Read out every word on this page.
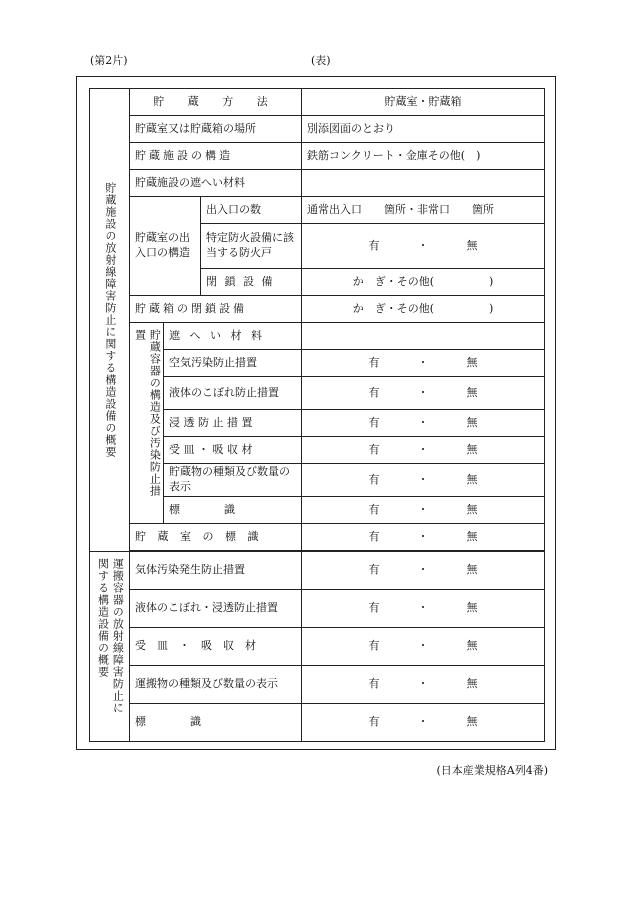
(第2片)	(表)
貯蔵施設の放射線障害防止に関する構造設備の概要	貯 蔵 方 法			貯蔵室・貯蔵箱
	貯蔵室又は貯蔵箱の場所			別添図面のとおり
	貯蔵施設の構造			鉄筋コンクリート・金庫その他(　)
	貯蔵施設の遮へい材料			
	貯蔵室の出入口の構造		出入口の数	通常出入口　　箇所・非常口　　箇所
			特定防火設備に該当する防火戸	有 ・ 無
			閉 鎖 設 備	か　ぎ・その他(　　　　　)
	貯蔵箱の閉鎖設備			か　ぎ・その他(　　　　　)

	貯蔵容器の構造及び汚染防止措
置	遮 へ い 材 料		
		空気汚染防止措置		有 ・ 無
		液体のこぼれ防止措置		有 ・ 無
		浸 透 防 止 措 置		有 ・ 無
		受 皿 ・ 吸 収 材		有 ・ 無
		貯蔵物の種類及び数量の表示		有 ・ 無
		標　　　　識		有 ・ 無
	貯 蔵 室 の 標 識			有 ・ 無

運搬容器の放射線障害防止に
関する構造設備の概要	気体汚染発生防止措置			有 ・ 無
	液体のこぼれ・浸透防止措置			有 ・ 無
	受　皿　・　吸　収　材			有 ・ 無
	運搬物の種類及び数量の表示			有 ・ 無
	標　　　　識			有 ・ 無
(日本産業規格A列4番)
